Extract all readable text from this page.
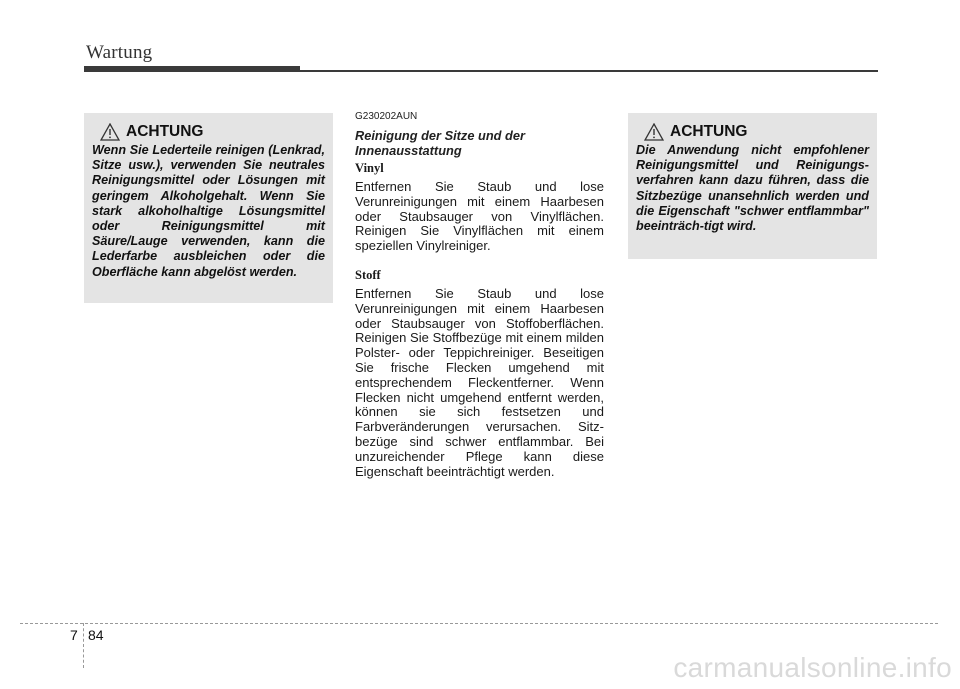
Wartung
ACHTUNG
Wenn Sie Lederteile reinigen (Lenkrad, Sitze usw.), verwenden Sie neutrales Reinigungsmittel oder Lösungen mit geringem Alkoholgehalt. Wenn Sie stark alkoholhaltige Lösungsmittel oder Reinigungsmittel mit Säure/Lauge verwenden, kann die Lederfarbe ausbleichen oder die Oberfläche kann abgelöst werden.
G230202AUN
Reinigung der Sitze und der Innenausstattung
Vinyl
Entfernen Sie Staub und lose Verunreinigungen mit einem Haarbesen oder Staubsauger von Vinylflächen. Reinigen Sie Vinylflächen mit einem speziellen Vinylreiniger.
Stoff
Entfernen Sie Staub und lose Verunreinigungen mit einem Haarbesen oder Staubsauger von Stoffoberflächen. Reinigen Sie Stoffbezüge mit einem milden Polster- oder Teppichreiniger. Beseitigen Sie frische Flecken umgehend mit entsprechendem Fleckentferner. Wenn Flecken nicht umgehend entfernt werden, können sie sich festsetzen und Farbveränderungen verursachen. Sitz-bezüge sind schwer entflammbar. Bei unzureichender Pflege kann diese Eigenschaft beeinträchtigt werden.
ACHTUNG
Die Anwendung nicht empfohlener Reinigungsmittel und Reinigungs-verfahren kann dazu führen, dass die Sitzbezüge unansehnlich werden und die Eigenschaft "schwer entflammbar" beeinträch-tigt wird.
7 84
carmanualsonline.info
